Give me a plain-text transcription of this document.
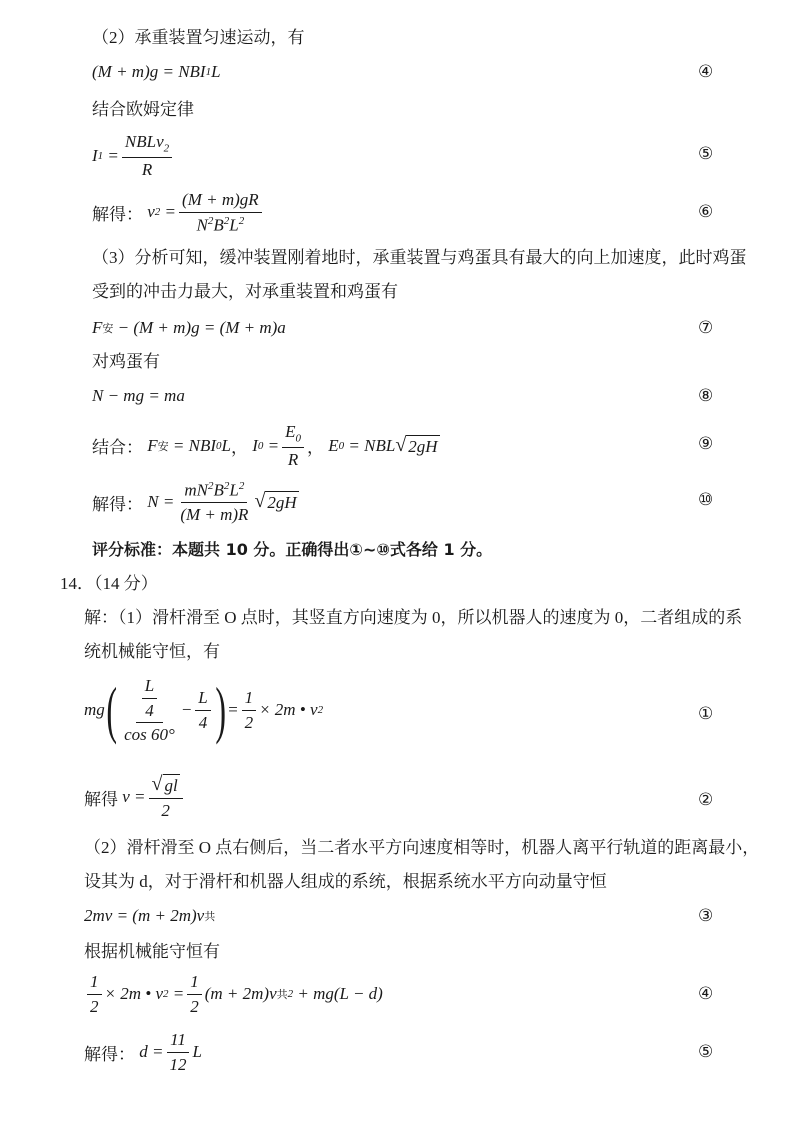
（2）承重装置匀速运动，有
(M + m)g = NBI 1 L	④
结合欧姆定律
I $1 = \frac{NBLv_2}{R}$	⑤
解得： v $2 = \frac{(M + m)gR}{N^2B^2L^2}$	⑥
（3）分析可知，缓冲装置刚着地时，承重装置与鸡蛋具有最大的向上加速度，此时鸡蛋
受到的冲击力最大，对承重装置和鸡蛋有
F 安 − (M + m)g = (M + m)a	⑦
对鸡蛋有
N − mg = ma	⑧
结合： F 安 = NBI 0 L ， I $0 = \frac{E_0}{R}$ ， E 0 = NBL √ 2gH	⑨
解得： $N = \frac{mN^2B^2L^2}{(M + m)R}$ √ 2gH	⑩
评分标准：本题共 10 分。正确得出①~⑩式各给 1 分。
14．（14 分）
解：（1）滑杆滑至 O 点时，其竖直方向速度为 0，所以机器人的速度为 0，二者组成的系
统机械能守恒，有
mg ( $\frac{\frac{L}{4}}{\cos 60^\circ} - \frac{L}{4}$ ) = $\frac{1}{2} \times 2m$ • v 2	①
解得 $v = \frac{√ gl}{2}$	②
（2）滑杆滑至 O 点右侧后，当二者水平方向速度相等时，机器人离平行轨道的距离最小，
设其为 d，对于滑杆和机器人组成的系统，根据系统水平方向动量守恒
2mv = (m + 2m)v 共	③
根据机械能守恒有
$\frac{1}{2} \times 2m$ • v $2 = \frac{1}{2} (m + 2m)v$ 共 2 + mg(L − d)	④
解得： $d = \frac{11}{12}$ L	⑤
